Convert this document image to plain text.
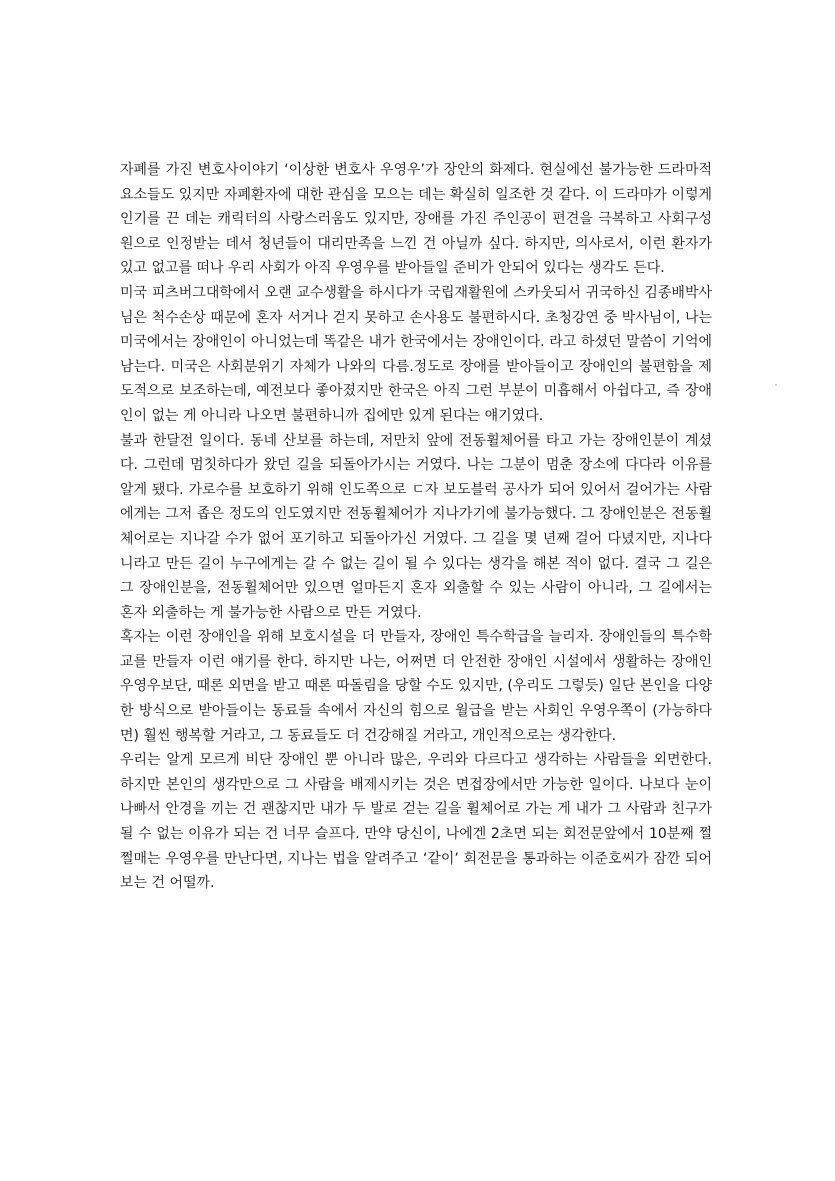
자폐를 가진 변호사이야기 ‘이상한 변호사 우영우’가 장안의 화제다. 현실에선 불가능한 드라마적 요소들도 있지만 자폐환자에 대한 관심을 모으는 데는 확실히 일조한 것 같다. 이 드라마가 이렇게 인기를 끈 데는 캐릭터의 사랑스러움도 있지만, 장애를 가진 주인공이 편견을 극복하고 사회구성원으로 인정받는 데서 청년들이 대리만족을 느낀 건 아닐까 싶다. 하지만, 의사로서, 이런 환자가 있고 없고를 떠나 우리 사회가 아직 우영우를 받아들일 준비가 안되어 있다는 생각도 든다.

미국 피츠버그대학에서 오랜 교수생활을 하시다가 국립재활원에 스카웃되서 귀국하신 김종배박사님은 척수손상 때문에 혼자 서거나 걷지 못하고 손사용도 불편하시다. 초청강연 중 박사님이, 나는 미국에서는 장애인이 아니었는데 똑같은 내가 한국에서는 장애인이다. 라고 하셨던 말씀이 기억에 남는다. 미국은 사회분위기 자체가 나와의 다름.정도로 장애를 받아들이고 장애인의 불편함을 제도적으로 보조하는데, 예전보다 좋아졌지만 한국은 아직 그런 부분이 미흡해서 아쉽다고, 즉 장애인이 없는 게 아니라 나오면 불편하니까 집에만 있게 된다는 얘기였다.

불과 한달전 일이다. 동네 산보를 하는데, 저만치 앞에 전동휠체어를 타고 가는 장애인분이 계셨다. 그런데 멈칫하다가 왔던 길을 되돌아가시는 거였다. 나는 그분이 멈춘 장소에 다다라 이유를 알게 됐다. 가로수를 보호하기 위해 인도쪽으로 ㄷ자 보도블럭 공사가 되어 있어서 걸어가는 사람에게는 그저 좁은 정도의 인도였지만 전동휠체어가 지나가기에 불가능했다. 그 장애인분은 전동휠체어로는 지나갈 수가 없어 포기하고 되돌아가신 거였다. 그 길을 몇 년째 걸어 다녔지만, 지나다니라고 만든 길이 누구에게는 갈 수 없는 길이 될 수 있다는 생각을 해본 적이 없다. 결국 그 길은 그 장애인분을, 전동휠체어만 있으면 얼마든지 혼자 외출할 수 있는 사람이 아니라, 그 길에서는 혼자 외출하는 게 불가능한 사람으로 만든 거였다.

혹자는 이런 장애인을 위해 보호시설을 더 만들자, 장애인 특수학급을 늘리자. 장애인들의 특수학교를 만들자 이런 얘기를 한다. 하지만 나는, 어쩌면 더 안전한 장애인 시설에서 생활하는 장애인 우영우보단, 때론 외면을 받고 때론 따돌림을 당할 수도 있지만, (우리도 그렇듯) 일단 본인을 다양한 방식으로 받아들이는 동료들 속에서 자신의 힘으로 월급을 받는 사회인 우영우쪽이 (가능하다면) 훨씬 행복할 거라고, 그 동료들도 더 건강해질 거라고, 개인적으로는 생각한다.

우리는 알게 모르게 비단 장애인 뿐 아니라 많은, 우리와 다르다고 생각하는 사람들을 외면한다. 하지만 본인의 생각만으로 그 사람을 배제시키는 것은 면접장에서만 가능한 일이다. 나보다 눈이 나빠서 안경을 끼는 건 괜찮지만 내가 두 발로 걷는 길을 휠체어로 가는 게 내가 그 사람과 친구가 될 수 없는 이유가 되는 건 너무 슬프다. 만약 당신이, 나에겐 2초면 되는 회전문앞에서 10분째 쩔쩔매는 우영우를 만난다면, 지나는 법을 알려주고 ‘같이’ 회전문을 통과하는 이준호씨가 잠깐 되어 보는 건 어떨까.
